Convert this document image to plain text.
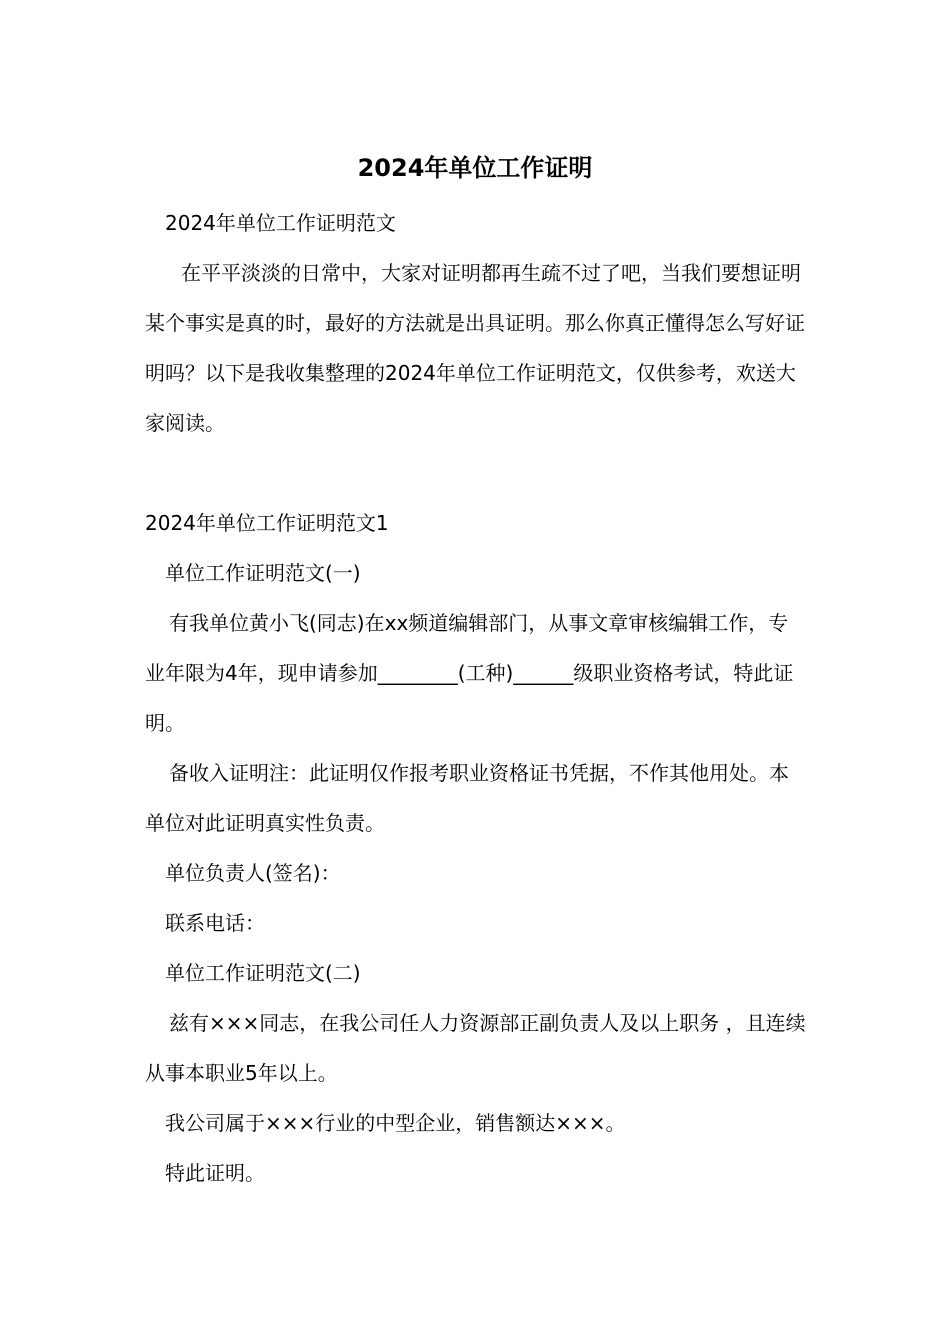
2024年单位工作证明
2024年单位工作证明范文
在平平淡淡的日常中，大家对证明都再生疏不过了吧，当我们要想证明某个事实是真的时，最好的方法就是出具证明。那么你真正懂得怎么写好证明吗？以下是我收集整理的2024年单位工作证明范文，仅供参考，欢送大家阅读。
2024年单位工作证明范文1
单位工作证明范文(一)
有我单位黄小飞(同志)在xx频道编辑部门，从事文章审核编辑工作，专业年限为4年，现申请参加________(工种)______级职业资格考试，特此证明。
备收入证明注：此证明仅作报考职业资格证书凭据，不作其他用处。本单位对此证明真实性负责。
单位负责人(签名)：
联系电话：
单位工作证明范文(二)
兹有×××同志，在我公司任人力资源部正副负责人及以上职务 ，且连续从事本职业5年以上。
我公司属于×××行业的中型企业，销售额达×××。
特此证明。
